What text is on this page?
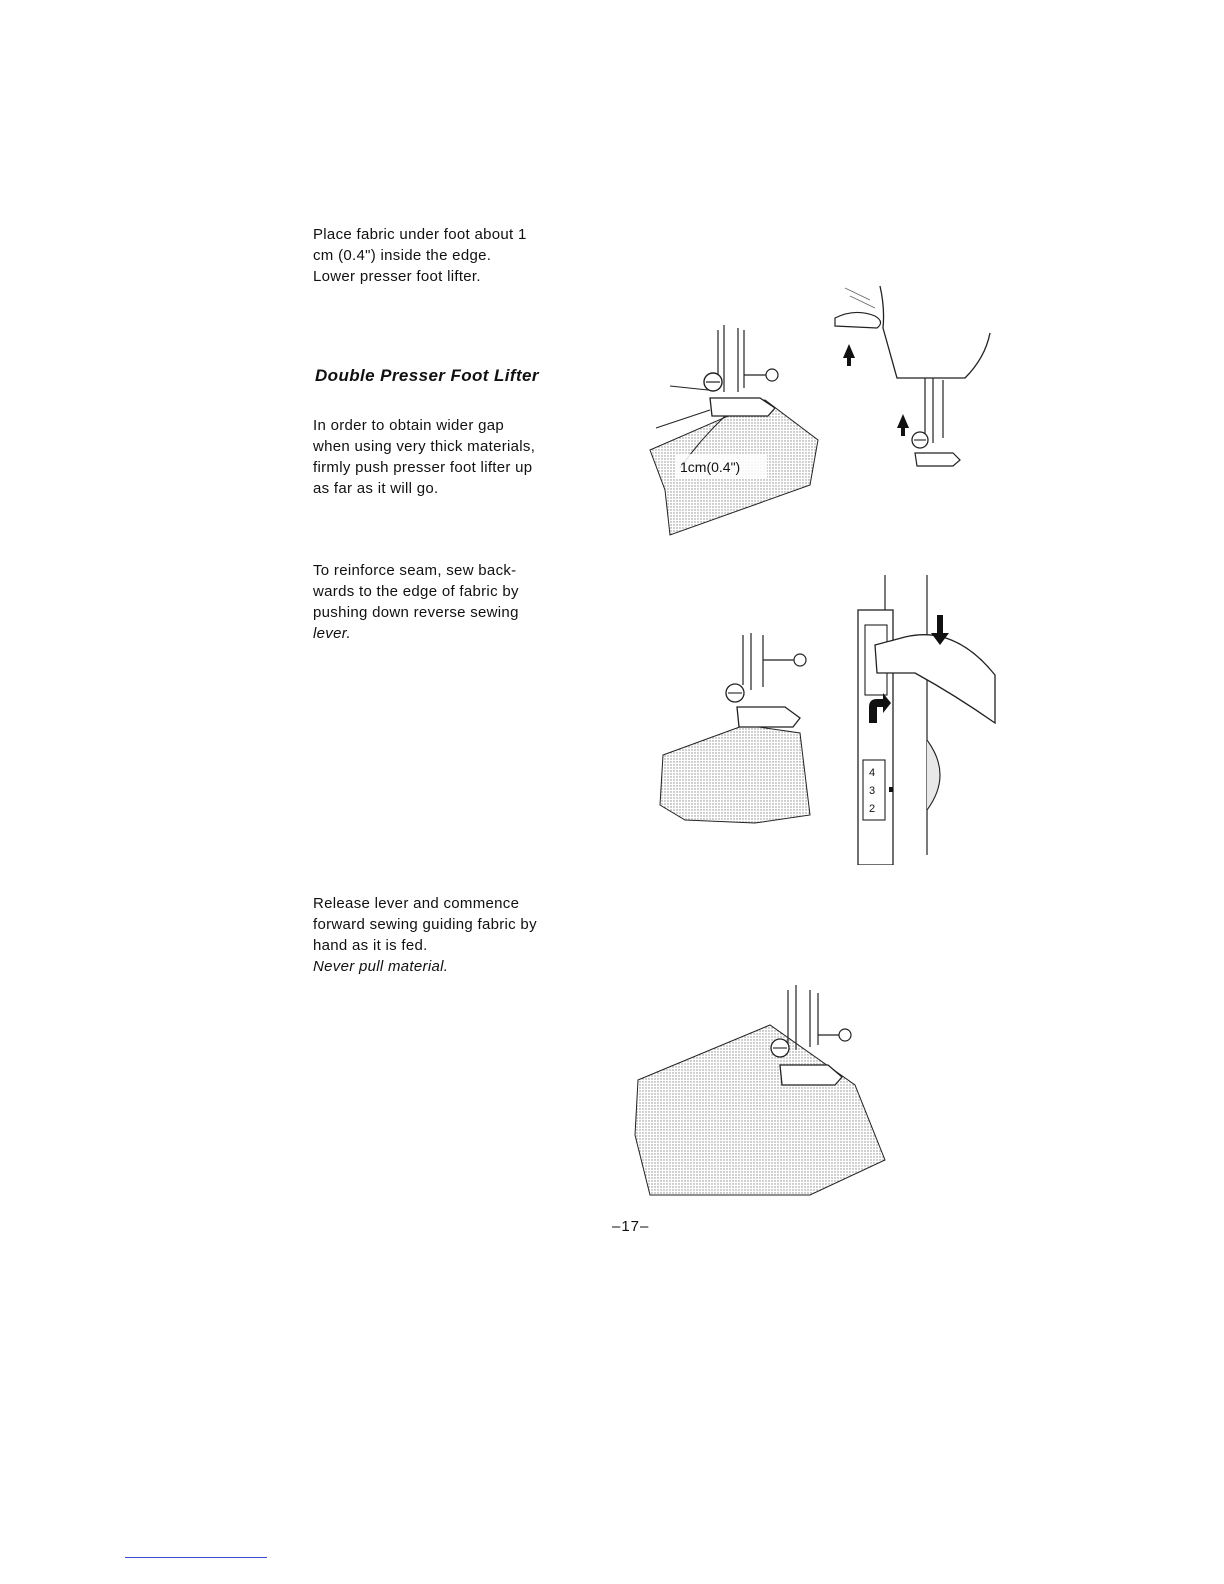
Place fabric under foot about 1
cm (0.4") inside the edge.
Lower presser foot lifter.
Double Presser Foot Lifter
In order to obtain wider gap
when using very thick materials,
firmly push presser foot lifter up
as far as it will go.
To reinforce seam, sew back-
wards to the edge of fabric by
pushing down reverse sewing
lever.
Release lever and commence
forward sewing guiding fabric by
hand as it is fed.
Never pull material.
1cm(0.4")
4
3
2
–17–
